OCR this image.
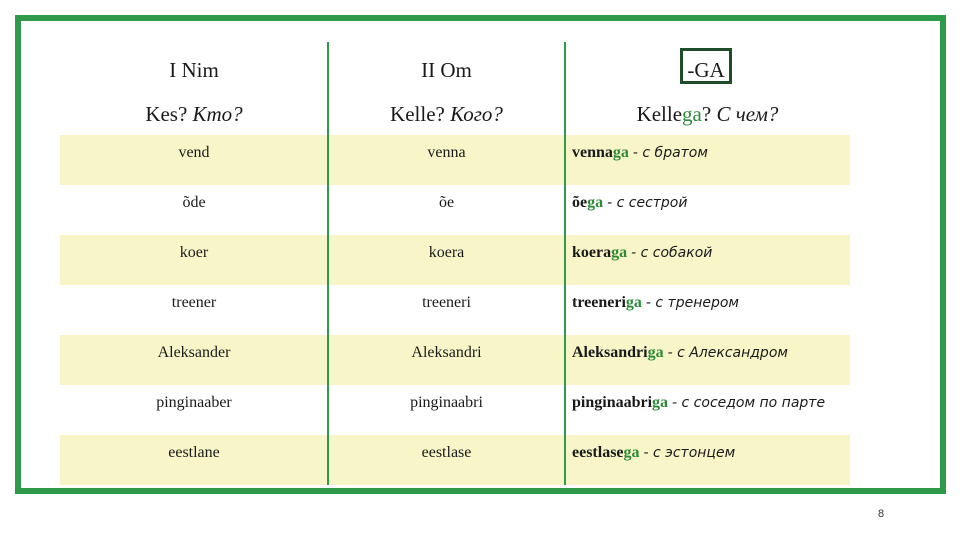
I Nim	II Om	-GA
Kes? Кто?	Kelle? Кого?	Kellega? С чем?
vend	venna	vennaga - с братом
õde	õe	õega - с сестрой
koer	koera	koeraga - с собакой
treener	treeneri	treeneriga - с тренером
Aleksander	Aleksandri	Aleksandriga - с Александром
pinginaaber	pinginaabri	pinginaabriga - с соседом по парте
eestlane	eestlase	eestlasega - с эстонцем
8
